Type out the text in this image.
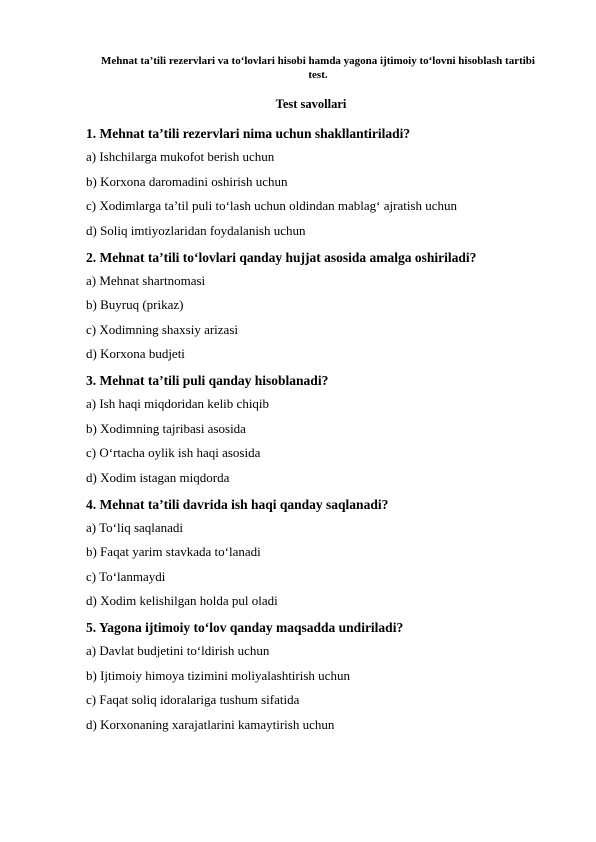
Mehnat ta’tili rezervlari va to‘lovlari hisobi hamda yagona ijtimoiy to‘lovni hisoblash tartibi test.
Test savollari
1. Mehnat ta’tili rezervlari nima uchun shakllantiriladi?
a) Ishchilarga mukofot berish uchun
b) Korxona daromadini oshirish uchun
c) Xodimlarga ta’til puli to‘lash uchun oldindan mablag‘ ajratish uchun
d) Soliq imtiyozlaridan foydalanish uchun
2. Mehnat ta’tili to‘lovlari qanday hujjat asosida amalga oshiriladi?
a) Mehnat shartnomasi
b) Buyruq (prikaz)
c) Xodimning shaxsiy arizasi
d) Korxona budjeti
3. Mehnat ta’tili puli qanday hisoblanadi?
a) Ish haqi miqdoridan kelib chiqib
b) Xodimning tajribasi asosida
c) O‘rtacha oylik ish haqi asosida
d) Xodim istagan miqdorda
4. Mehnat ta’tili davrida ish haqi qanday saqlanadi?
a) To‘liq saqlanadi
b) Faqat yarim stavkada to‘lanadi
c) To‘lanmaydi
d) Xodim kelishilgan holda pul oladi
5. Yagona ijtimoiy to‘lov qanday maqsadda undiriladi?
a) Davlat budjetini to‘ldirish uchun
b) Ijtimoiy himoya tizimini moliyalashtirish uchun
c) Faqat soliq idoralariga tushum sifatida
d) Korxonaning xarajatlarini kamaytirish uchun
